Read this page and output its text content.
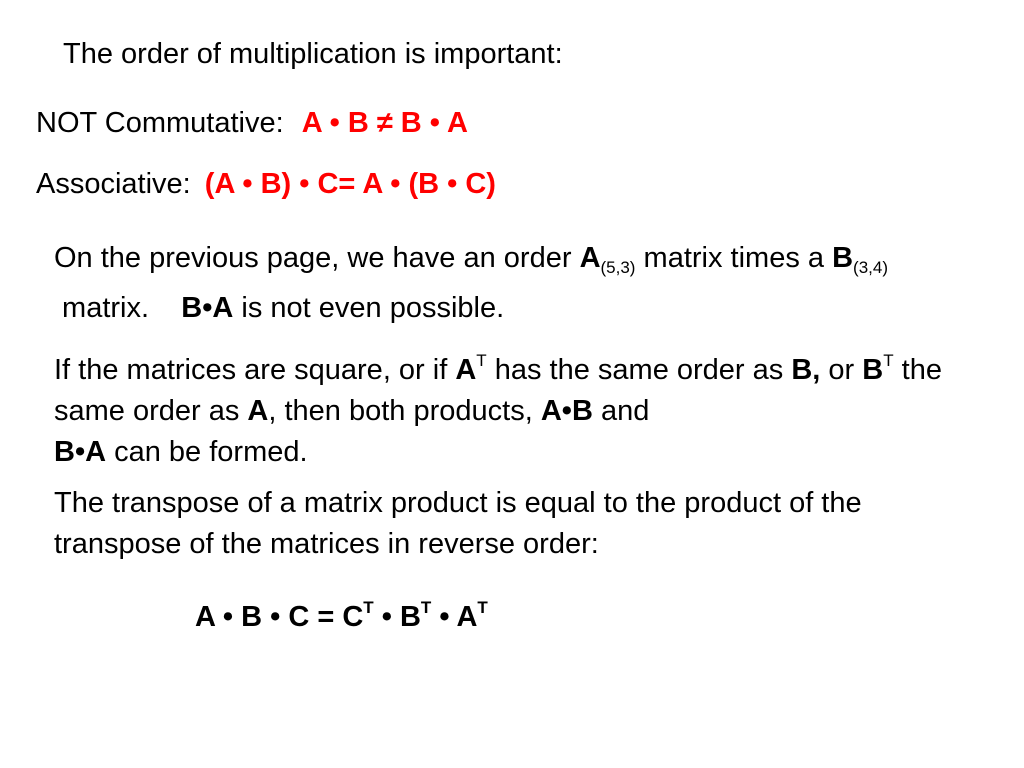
The order of multiplication is important:
NOT Commutative: A • B ≠ B • A
Associative: (A • B) • C= A • (B • C)
On the previous page, we have an order $A_{(5,3)}$ matrix times a $B_{(3,4)}$ matrix.    B•A is not even possible.
If the matrices are square, or if $A^T$ has the same order as B, or $B^T$ the same order as A, then both products, A•B and
B•A can be formed.
The transpose of a matrix product is equal to the product of the transpose of the matrices in reverse order:
A • B • $C = C^T$ • $B^T$ • $A^T$
